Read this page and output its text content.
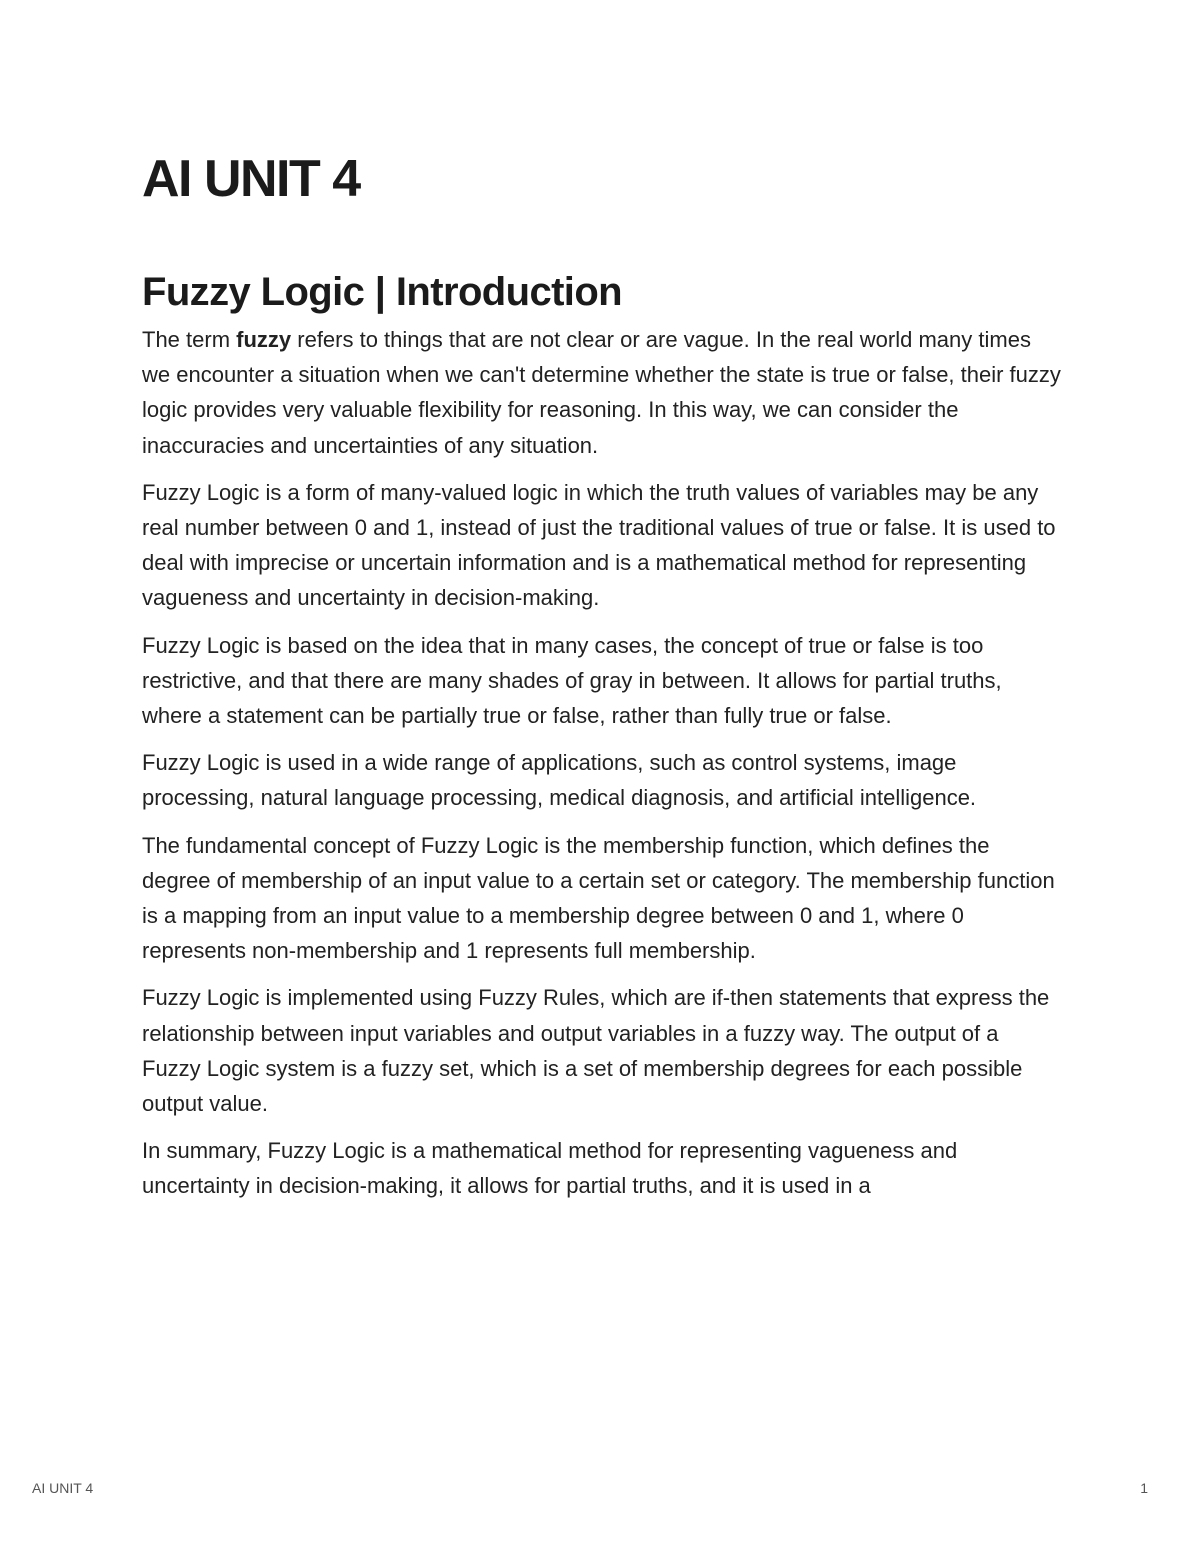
AI UNIT 4
Fuzzy Logic | Introduction

The term fuzzy refers to things that are not clear or are vague. In the real world many times we encounter a situation when we can't determine whether the state is true or false, their fuzzy logic provides very valuable flexibility for reasoning. In this way, we can consider the inaccuracies and uncertainties of any situation.

Fuzzy Logic is a form of many-valued logic in which the truth values of variables may be any real number between 0 and 1, instead of just the traditional values of true or false. It is used to deal with imprecise or uncertain information and is a mathematical method for representing vagueness and uncertainty in decision-making.

Fuzzy Logic is based on the idea that in many cases, the concept of true or false is too restrictive, and that there are many shades of gray in between. It allows for partial truths, where a statement can be partially true or false, rather than fully true or false.

Fuzzy Logic is used in a wide range of applications, such as control systems, image processing, natural language processing, medical diagnosis, and artificial intelligence.

The fundamental concept of Fuzzy Logic is the membership function, which defines the degree of membership of an input value to a certain set or category. The membership function is a mapping from an input value to a membership degree between 0 and 1, where 0 represents non-membership and 1 represents full membership.

Fuzzy Logic is implemented using Fuzzy Rules, which are if-then statements that express the relationship between input variables and output variables in a fuzzy way. The output of a Fuzzy Logic system is a fuzzy set, which is a set of membership degrees for each possible output value.

In summary, Fuzzy Logic is a mathematical method for representing vagueness and uncertainty in decision-making, it allows for partial truths, and it is used in a

AI UNIT 4	1
